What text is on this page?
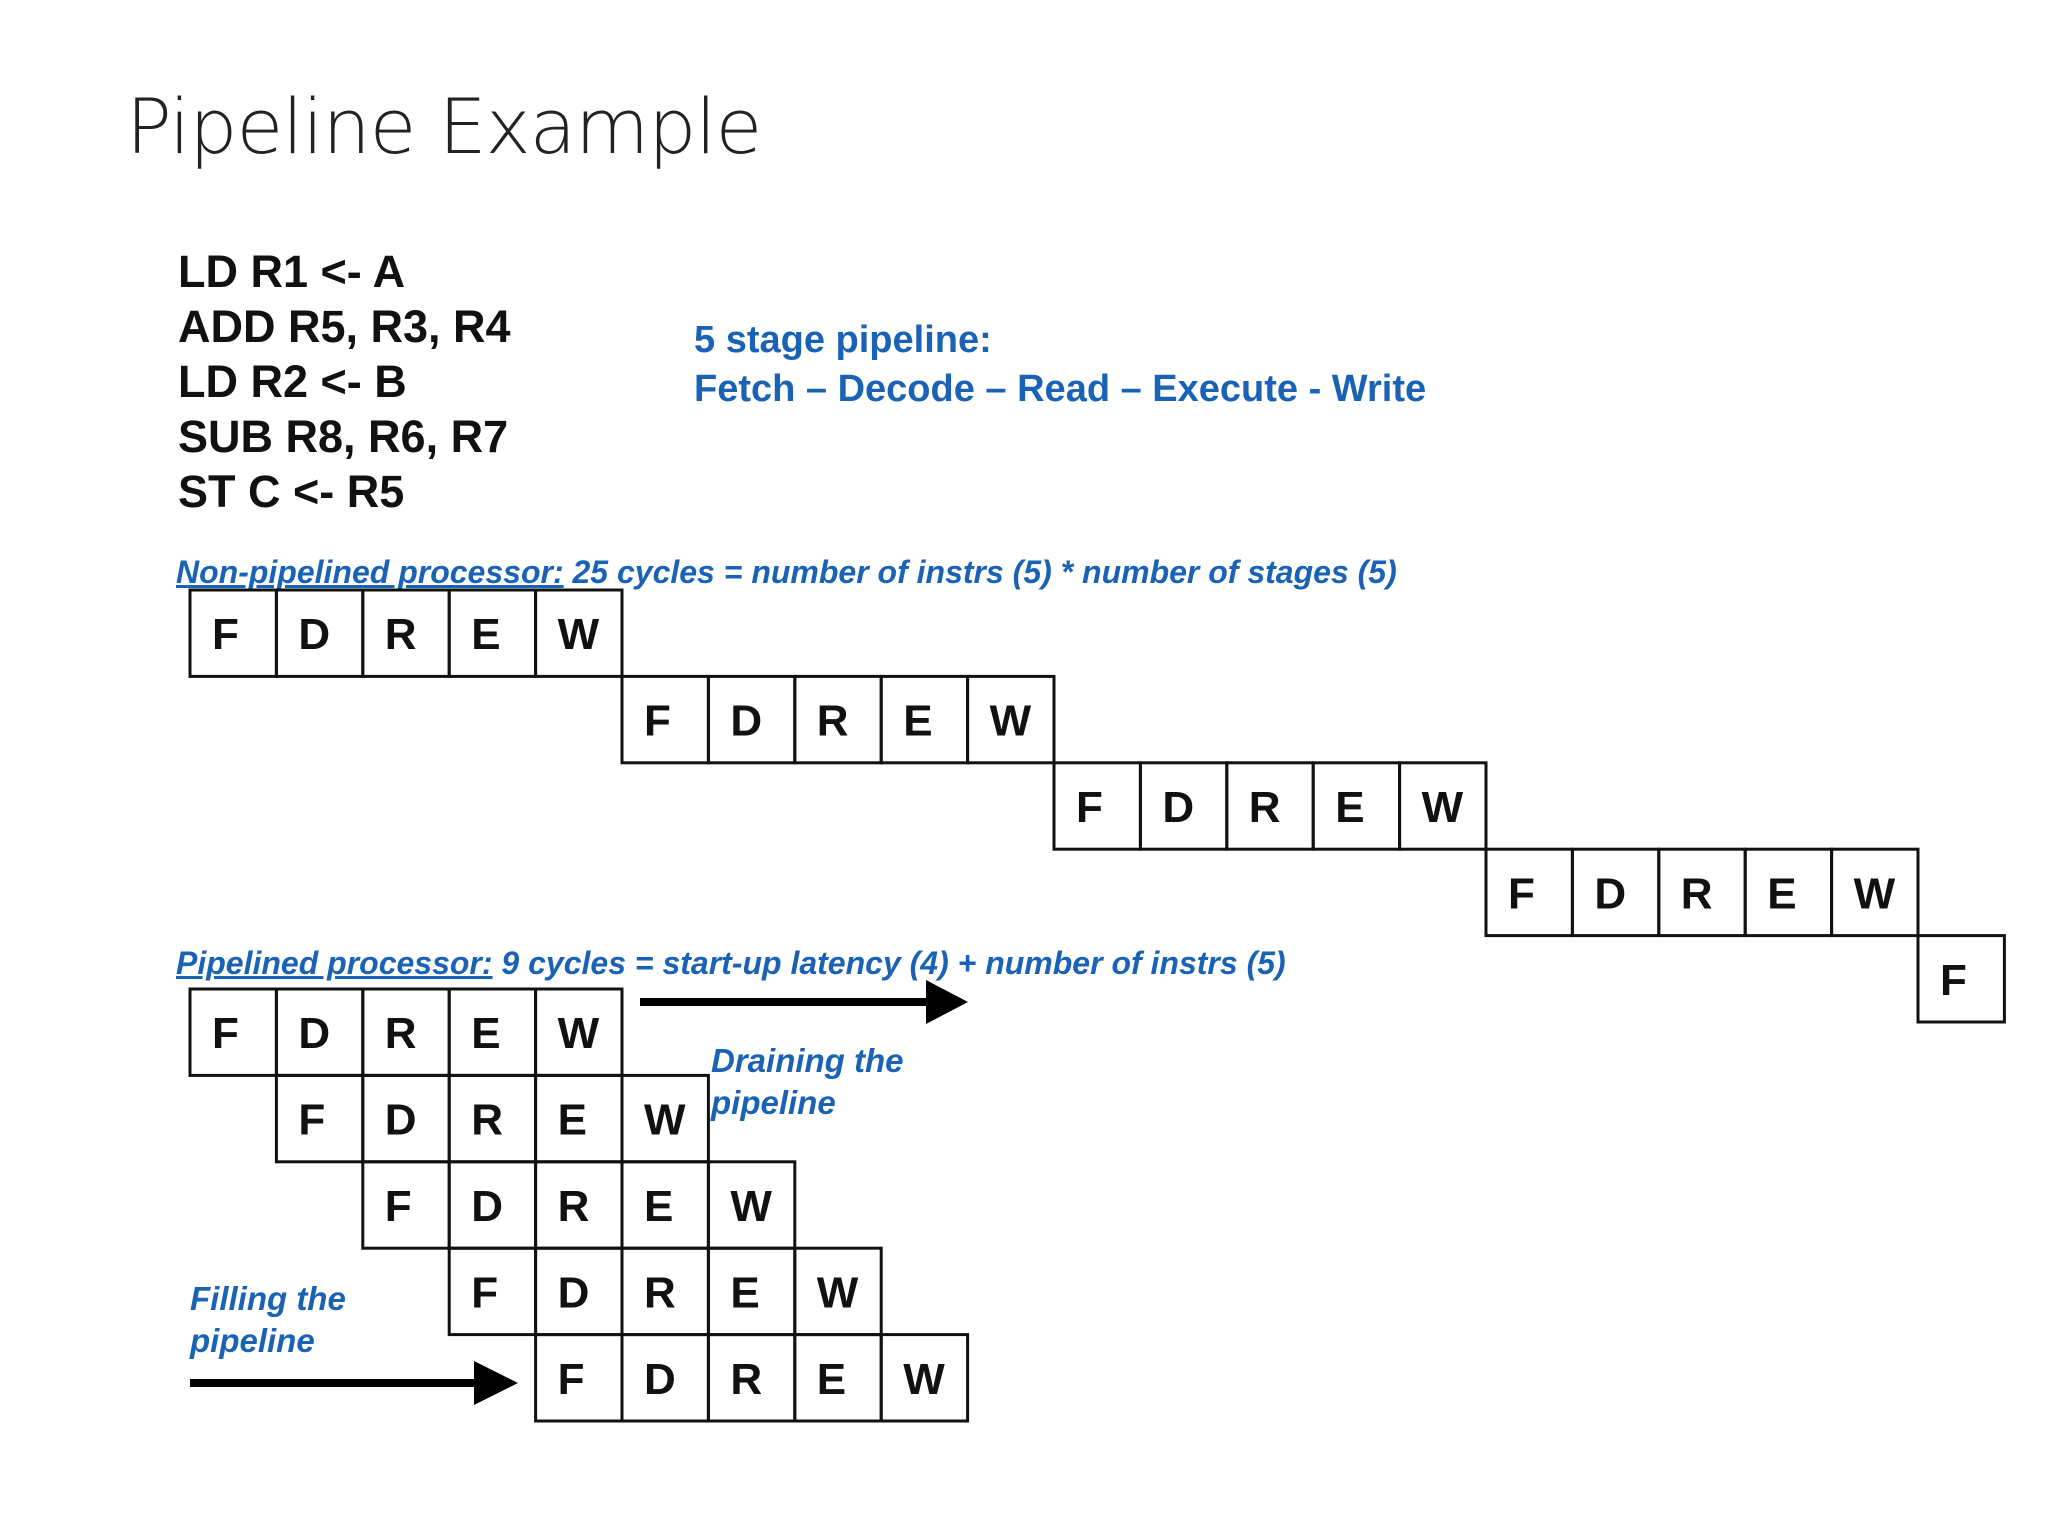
Pipeline Example
LD R1 <- A
ADD R5, R3, R4
LD R2 <- B
SUB R8, R6, R7
ST C <- R5
5 stage pipeline:
Fetch – Decode – Read – Execute - Write
Non-pipelined processor: 25 cycles = number of instrs (5) * number of stages (5)
Pipelined processor: 9 cycles = start-up latency (4) + number of instrs (5)
Draining the
pipeline
Filling the
pipeline
F D R E W
F D R E W
F D R E W
F D R E W
F
F D R E W
F D R E W
F D R E W
F D R E W
F D R E W
